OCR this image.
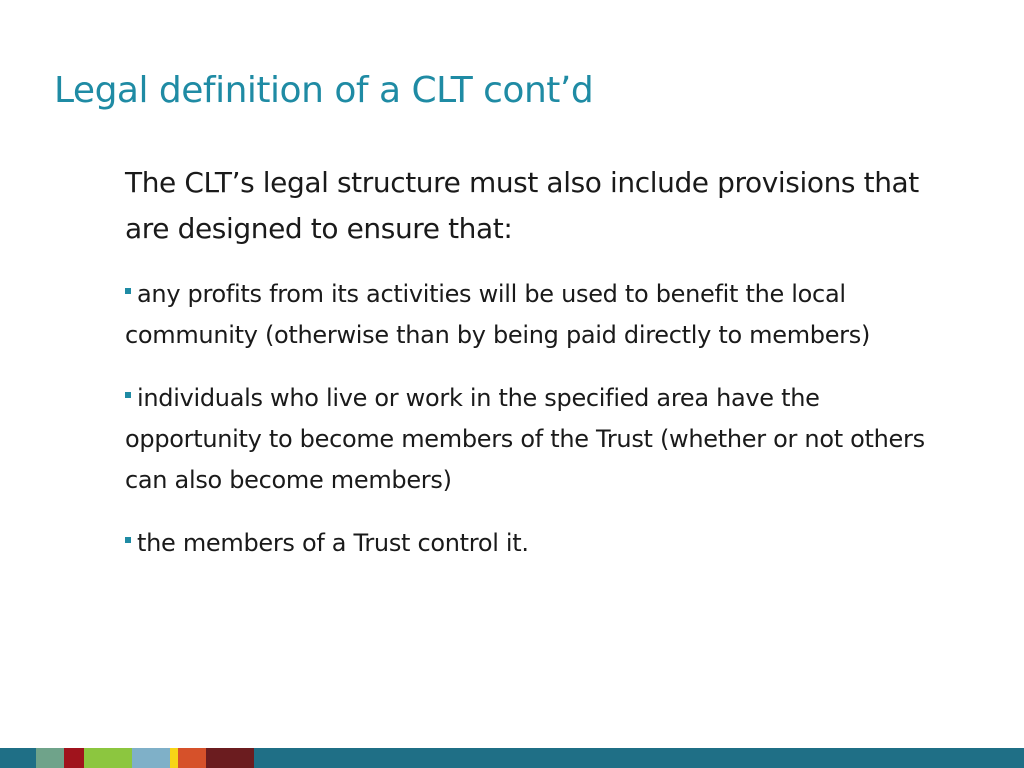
Legal definition of a CLT cont’d

The CLT’s legal structure must also include provisions that are designed to ensure that:

any profits from its activities will be used to benefit the local community (otherwise than by being paid directly to members)
individuals who live or work in the specified area have the opportunity to become members of the Trust (whether or not others can also become members)
the members of a Trust control it.
